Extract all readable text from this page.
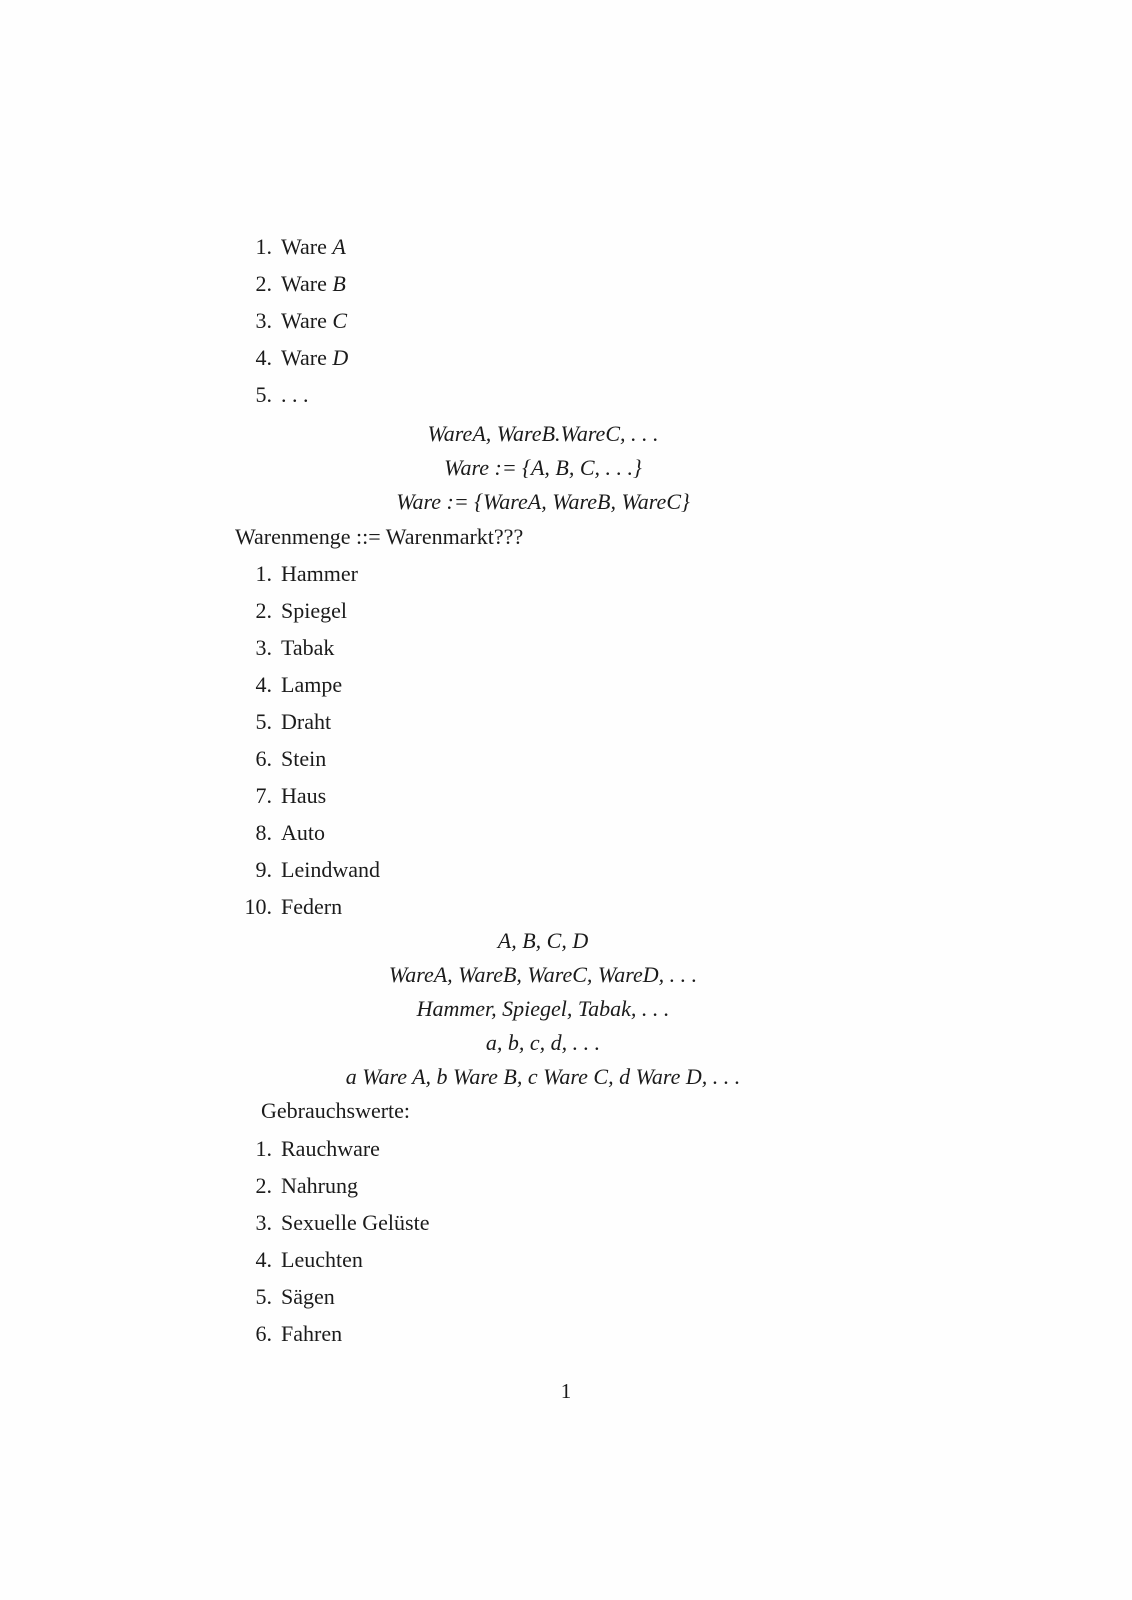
1. Ware A
2. Ware B
3. Ware C
4. Ware D
5. . . .
WareA, WareB.WareC, . . .
Ware := {A, B, C, . . .}
Ware := {WareA, WareB, WareC}
Warenmenge ::= Warenmarkt???
1. Hammer
2. Spiegel
3. Tabak
4. Lampe
5. Draht
6. Stein
7. Haus
8. Auto
9. Leindwand
10. Federn
A, B, C, D
WareA, WareB, WareC, WareD, . . .
Hammer, Spiegel, Tabak, . . .
a, b, c, d, . . .
a Ware A, b Ware B, c Ware C, d Ware D, . . .
Gebrauchswerte:
1. Rauchware
2. Nahrung
3. Sexuelle Gelüste
4. Leuchten
5. Sägen
6. Fahren
1
